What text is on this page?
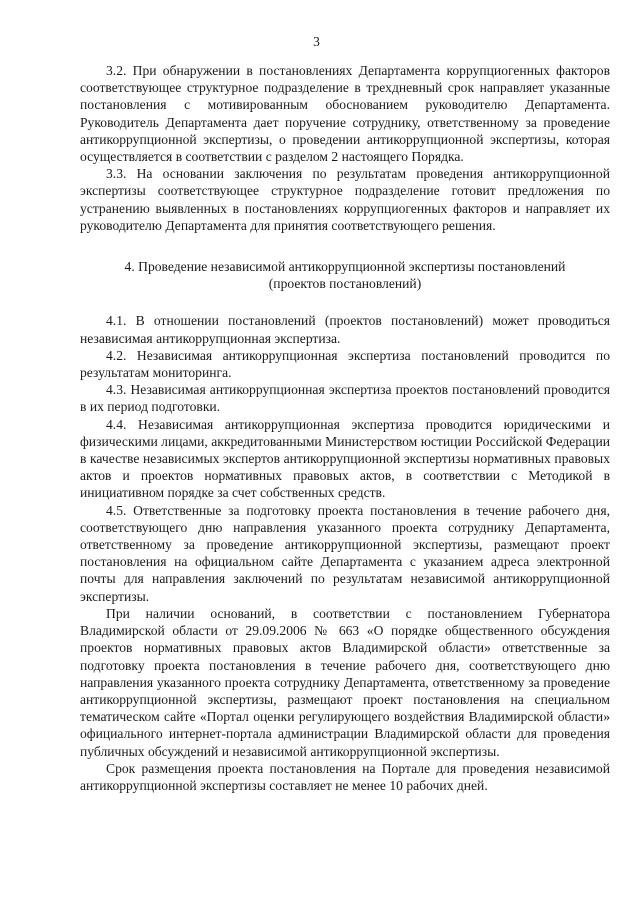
3

3.2. При обнаружении в постановлениях Департамента коррупциогенных факторов соответствующее структурное подразделение в трехдневный срок направляет указанные постановления с мотивированным обоснованием руководителю Департамента. Руководитель Департамента дает поручение сотруднику, ответственному за проведение антикоррупционной экспертизы, о проведении антикоррупционной экспертизы, которая осуществляется в соответствии с разделом 2 настоящего Порядка.

3.3. На основании заключения по результатам проведения антикоррупционной экспертизы соответствующее структурное подразделение готовит предложения по устранению выявленных в постановлениях коррупциогенных факторов и направляет их руководителю Департамента для принятия соответствующего решения.

4. Проведение независимой антикоррупционной экспертизы постановлений (проектов постановлений)

4.1. В отношении постановлений (проектов постановлений) может проводиться независимая антикоррупционная экспертиза.

4.2. Независимая антикоррупционная экспертиза постановлений проводится по результатам мониторинга.

4.3. Независимая антикоррупционная экспертиза проектов постановлений проводится в их период подготовки.

4.4. Независимая антикоррупционная экспертиза проводится юридическими и физическими лицами, аккредитованными Министерством юстиции Российской Федерации в качестве независимых экспертов антикоррупционной экспертизы нормативных правовых актов и проектов нормативных правовых актов, в соответствии с Методикой в инициативном порядке за счет собственных средств.

4.5. Ответственные за подготовку проекта постановления в течение рабочего дня, соответствующего дню направления указанного проекта сотруднику Департамента, ответственному за проведение антикоррупционной экспертизы, размещают проект постановления на официальном сайте Департамента с указанием адреса электронной почты для направления заключений по результатам независимой антикоррупционной экспертизы.

При наличии оснований, в соответствии с постановлением Губернатора Владимирской области от 29.09.2006 № 663 «О порядке общественного обсуждения проектов нормативных правовых актов Владимирской области» ответственные за подготовку проекта постановления в течение рабочего дня, соответствующего дню направления указанного проекта сотруднику Департамента, ответственному за проведение антикоррупционной экспертизы, размещают проект постановления на специальном тематическом сайте «Портал оценки регулирующего воздействия Владимирской области» официального интернет-портала администрации Владимирской области для проведения публичных обсуждений и независимой антикоррупционной экспертизы.

Срок размещения проекта постановления на Портале для проведения независимой антикоррупционной экспертизы составляет не менее 10 рабочих дней.
